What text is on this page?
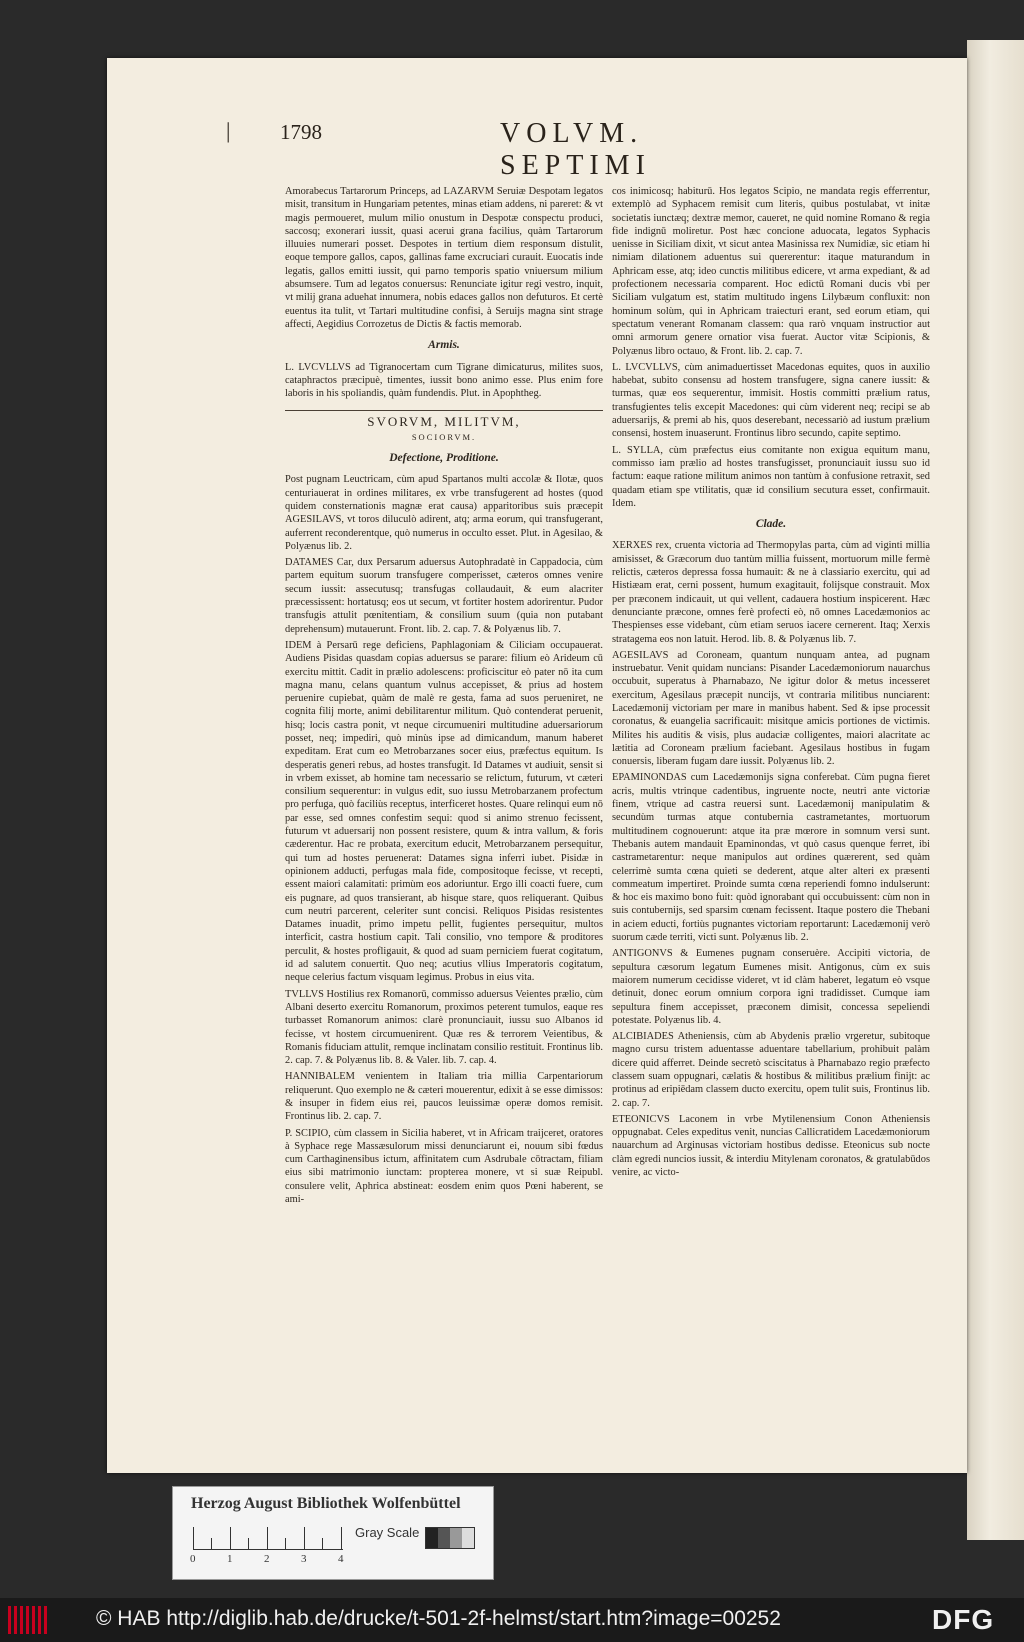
| 1798	VOLVM. SEPTIMI

Amorabecus Tartarorum Princeps, ad LAZARVM Seruiæ Despotam legatos misit, transitum in Hungariam petentes, minas etiam addens, ni pareret: & vt magis permoueret, mulum milio onustum in Despotæ conspectu produci, saccosq; exonerari iussit, quasi acerui grana facilius, quàm Tartarorum illuuies numerari posset. Despotes in tertium diem responsum distulit, eoque tempore gallos, capos, gallinas fame excruciari curauit. Euocatis inde legatis, gallos emitti iussit, qui parno temporis spatio vniuersum milium absumsere. Tum ad legatos conuersus: Renunciate igitur regi vestro, inquit, vt milij grana aduehat innumera, nobis edaces gallos non defuturos. Et certè euentus ita tulit, vt Tartari multitudine confisi, à Seruijs magna sint strage affecti, Aegidius Corrozetus de Dictis & factis memorab.

Armis.

L. LVCVLLVS ad Tigranocertam cum Tigrane dimicaturus, milites suos, cataphractos præcipuè, timentes, iussit bono animo esse. Plus enim fore laboris in his spoliandis, quàm fundendis. Plut. in Apophtheg.

SVORVM, MILITVM,
SOCIORVM.
Defectione, Proditione.

Post pugnam Leuctricam, cùm apud Spartanos multi accolæ & Ilotæ, quos centuriauerat in ordines militares, ex vrbe transfugerent ad hostes (quod quidem consternationis magnæ erat causa) apparitoribus suis præcepit AGESILAVS, vt toros diluculò adirent, atq; arma eorum, qui transfugerant, auferrent reconderentque, quò numerus in occulto esset. Plut. in Agesilao, & Polyænus lib. 2.

DATAMES Car, dux Persarum aduersus Autophradatè in Cappadocia, cùm partem equitum suorum transfugere comperisset, cæteros omnes venire secum iussit: assecutusq; transfugas collaudauit, & eum alacriter præcessissent: hortatusq; eos ut secum, vt fortiter hostem adorirentur. Pudor transfugis attulit pœnitentiam, & consilium suum (quia non putabant deprehensum) mutauerunt. Front. lib. 2. cap. 7. & Polyænus lib. 7.

IDEM à Persarū rege deficiens, Paphlagoniam & Ciliciam occupauerat. Audiens Pisidas quasdam copias aduersus se parare: filium eò Arideum cū exercitu mittit. Cadit in prælio adolescens: proficiscitur eò pater nō ita cum magna manu, celans quantum vulnus accepisset, & prius ad hostem peruenire cupiebat, quàm de malè re gesta, fama ad suos perueniret, ne cognita filij morte, animi debilitarentur militum. Quò contenderat peruenit, hisq; locis castra ponit, vt neque circumueniri multitudine aduersariorum posset, neq; impediri, quò minùs ipse ad dimicandum, manum haberet expeditam. Erat cum eo Metrobarzanes socer eius, præfectus equitum. Is desperatis generi rebus, ad hostes transfugit. Id Datames vt audiuit, sensit si in vrbem exisset, ab homine tam necessario se relictum, futurum, vt cæteri consilium sequerentur: in vulgus edit, suo iussu Metrobarzanem profectum pro perfuga, quò faciliùs receptus, interficeret hostes. Quare relinqui eum nō par esse, sed omnes confestim sequi: quod si animo strenuo fecissent, futurum vt aduersarij non possent resistere, quum & intra vallum, & foris cæderentur. Hac re probata, exercitum educit, Metrobarzanem persequitur, qui tum ad hostes peruenerat: Datames signa inferri iubet. Pisidæ in opinionem adducti, perfugas mala fide, compositoque fecisse, vt recepti, essent maiori calamitati: primùm eos adoriuntur. Ergo illi coacti fuere, cum eis pugnare, ad quos transierant, ab hisque stare, quos reliquerant. Quibus cum neutri parcerent, celeriter sunt concisi. Reliquos Pisidas resistentes Datames inuadit, primo impetu pellit, fugientes persequitur, multos interficit, castra hostium capit. Tali consilio, vno tempore & proditores perculit, & hostes profligauit, & quod ad suam perniciem fuerat cogitatum, id ad salutem conuertit. Quo neq; acutius vllius Imperatoris cogitatum, neque celerius factum visquam legimus. Probus in eius vita.

TVLLVS Hostilius rex Romanorū, commisso aduersus Veientes prælio, cùm Albani deserto exercitu Romanorum, proximos peterent tumulos, eaque res turbasset Romanorum animos: clarè pronunciauit, iussu suo Albanos id fecisse, vt hostem circumuenirent. Quæ res & terrorem Veientibus, & Romanis fiduciam attulit, remque inclinatam consilio restituit. Frontinus lib. 2. cap. 7. & Polyænus lib. 8. & Valer. lib. 7. cap. 4.

HANNIBALEM venientem in Italiam tria millia Carpentariorum reliquerunt. Quo exemplo ne & cæteri mouerentur, edixit à se esse dimissos: & insuper in fidem eius rei, paucos leuissimæ operæ domos remisit. Frontinus lib. 2. cap. 7.

P. SCIPIO, cùm classem in Sicilia haberet, vt in Africam traijceret, oratores à Syphace rege Massæsulorum missi denunciarunt ei, nouum sibi fœdus cum Carthaginensibus ictum, affinitatem cum Asdrubale cōtractam, filiam eius sibi matrimonio iunctam: propterea monere, vt si suæ Reipubl. consulere velit, Aphrica abstineat: eosdem enim quos Pœni haberent, se ami-

cos inimicosq; habiturū. Hos legatos Scipio, ne mandata regis efferrentur, extemplò ad Syphacem remisit cum literis, quibus postulabat, vt initæ societatis iunctæq; dextræ memor, caueret, ne quid nomine Romano & regia fide indignū moliretur. Post hæc concione aduocata, legatos Syphacis uenisse in Siciliam dixit, vt sicut antea Masinissa rex Numidiæ, sic etiam hi nimiam dilationem aduentus sui quererentur: itaque maturandum in Aphricam esse, atq; ideo cunctis militibus edicere, vt arma expediant, & ad profectionem necessaria comparent. Hoc edictū Romani ducis vbi per Siciliam vulgatum est, statim multitudo ingens Lilybæum confluxit: non hominum solùm, qui in Aphricam traiecturi erant, sed eorum etiam, qui spectatum venerant Romanam classem: qua rarò vnquam instructior aut omni armorum genere ornatior visa fuerat. Auctor vitæ Scipionis, & Polyænus libro octauo, & Front. lib. 2. cap. 7.

L. LVCVLLVS, cùm animaduertisset Macedonas equites, quos in auxilio habebat, subito consensu ad hostem transfugere, signa canere iussit: & turmas, quæ eos sequerentur, immisit. Hostis committi prælium ratus, transfugientes telis excepit Macedones: qui cùm viderent neq; recipi se ab aduersarijs, & premi ab his, quos deserebant, necessariò ad iustum prælium consensi, hostem inuaserunt. Frontinus libro secundo, capite septimo.

L. SYLLA, cùm præfectus eius comitante non exigua equitum manu, commisso iam prælio ad hostes transfugisset, pronunciauit iussu suo id factum: eaque ratione militum animos non tantùm à confusione retraxit, sed quadam etiam spe vtilitatis, quæ id consilium secutura esset, confirmauit. Idem.

Clade.

XERXES rex, cruenta victoria ad Thermopylas parta, cùm ad viginti millia amisisset, & Græcorum duo tantùm millia fuissent, mortuorum mille fermè relictis, cæteros depressa fossa humauit: & ne à classiario exercitu, qui ad Histiæam erat, cerni possent, humum exagitauit, folijsque constrauit. Mox per præconem indicauit, ut qui vellent, cadauera hostium inspicerent. Hæc denunciante præcone, omnes ferè profecti eò, nō omnes Lacedæmonios ac Thespienses esse videbant, cùm etiam seruos iacere cernerent. Itaq; Xerxis stratagema eos non latuit. Herod. lib. 8. & Polyænus lib. 7.

AGESILAVS ad Coroneam, quantum nunquam antea, ad pugnam instruebatur. Venit quidam nuncians: Pisander Lacedæmoniorum nauarchus occubuit, superatus à Pharnabazo, Ne igitur dolor & metus incesseret exercitum, Agesilaus præcepit nuncijs, vt contraria militibus nunciarent: Lacedæmonij victoriam per mare in manibus habent. Sed & ipse processit coronatus, & euangelia sacrificauit: misitque amicis portiones de victimis. Milites his auditis & visis, plus audaciæ colligentes, maiori alacritate ac lætitia ad Coroneam prælium faciebant. Agesilaus hostibus in fugam conuersis, liberam fugam dare iussit. Polyænus lib. 2.

EPAMINONDAS cum Lacedæmonijs signa conferebat. Cùm pugna fieret acris, multis vtrinque cadentibus, ingruente nocte, neutri ante victoriæ finem, vtrique ad castra reuersi sunt. Lacedæmonij manipulatim & secundùm turmas atque contubernia castrametantes, mortuorum multitudinem cognouerunt: atque ita præ mœrore in somnum versi sunt. Thebanis autem mandauit Epaminondas, vt quò casus quenque ferret, ibi castrametarentur: neque manipulos aut ordines quærerent, sed quàm celerrimè sumta cœna quieti se dederent, atque alter alteri ex præsenti commeatum impertiret. Proinde sumta cœna reperiendi fomno indulserunt: & hoc eis maximo bono fuit: quòd ignorabant qui occubuissent: cùm non in suis contubernijs, sed sparsim cœnam fecissent. Itaque postero die Thebani in aciem educti, fortiùs pugnantes victoriam reportarunt: Lacedæmonij verò suorum cæde territi, victi sunt. Polyænus lib. 2.

ANTIGONVS & Eumenes pugnam conseruère. Accipiti victoria, de sepultura cæsorum legatum Eumenes misit. Antigonus, cùm ex suis maiorem numerum cecidisse videret, vt id clàm haberet, legatum eò vsque detinuit, donec eorum omnium corpora igni tradidisset. Cumque iam sepultura finem accepisset, præconem dimisit, concessa sepeliendi potestate. Polyænus lib. 4.

ALCIBIADES Atheniensis, cùm ab Abydenis prælio vrgeretur, subitoque magno cursu tristem aduentasse aduentare tabellarium, prohibuit palàm dicere quid afferret. Deinde secretò sciscitatus à Pharnabazo regio præfecto classem suam oppugnari, cælatis & hostibus & militibus prælium finijt: ac protinus ad eripiēdam classem ducto exercitu, opem tulit suis, Frontinus lib. 2. cap. 7.

ETEONICVS Laconem in vrbe Mytilenensium Conon Atheniensis oppugnabat. Celes expeditus venit, nuncias Callicratidem Lacedæmoniorum nauarchum ad Arginusas victoriam hostibus dedisse. Eteonicus sub nocte clàm egredi nuncios iussit, & interdiu Mitylenam coronatos, & gratulabūdos venire, ac victo-

Herzog August Bibliothek Wolfenbüttel
0	1	2	3	4
Gray Scale
© HAB http://diglib.hab.de/drucke/t-501-2f-helmst/start.htm?image=00252	DFG
